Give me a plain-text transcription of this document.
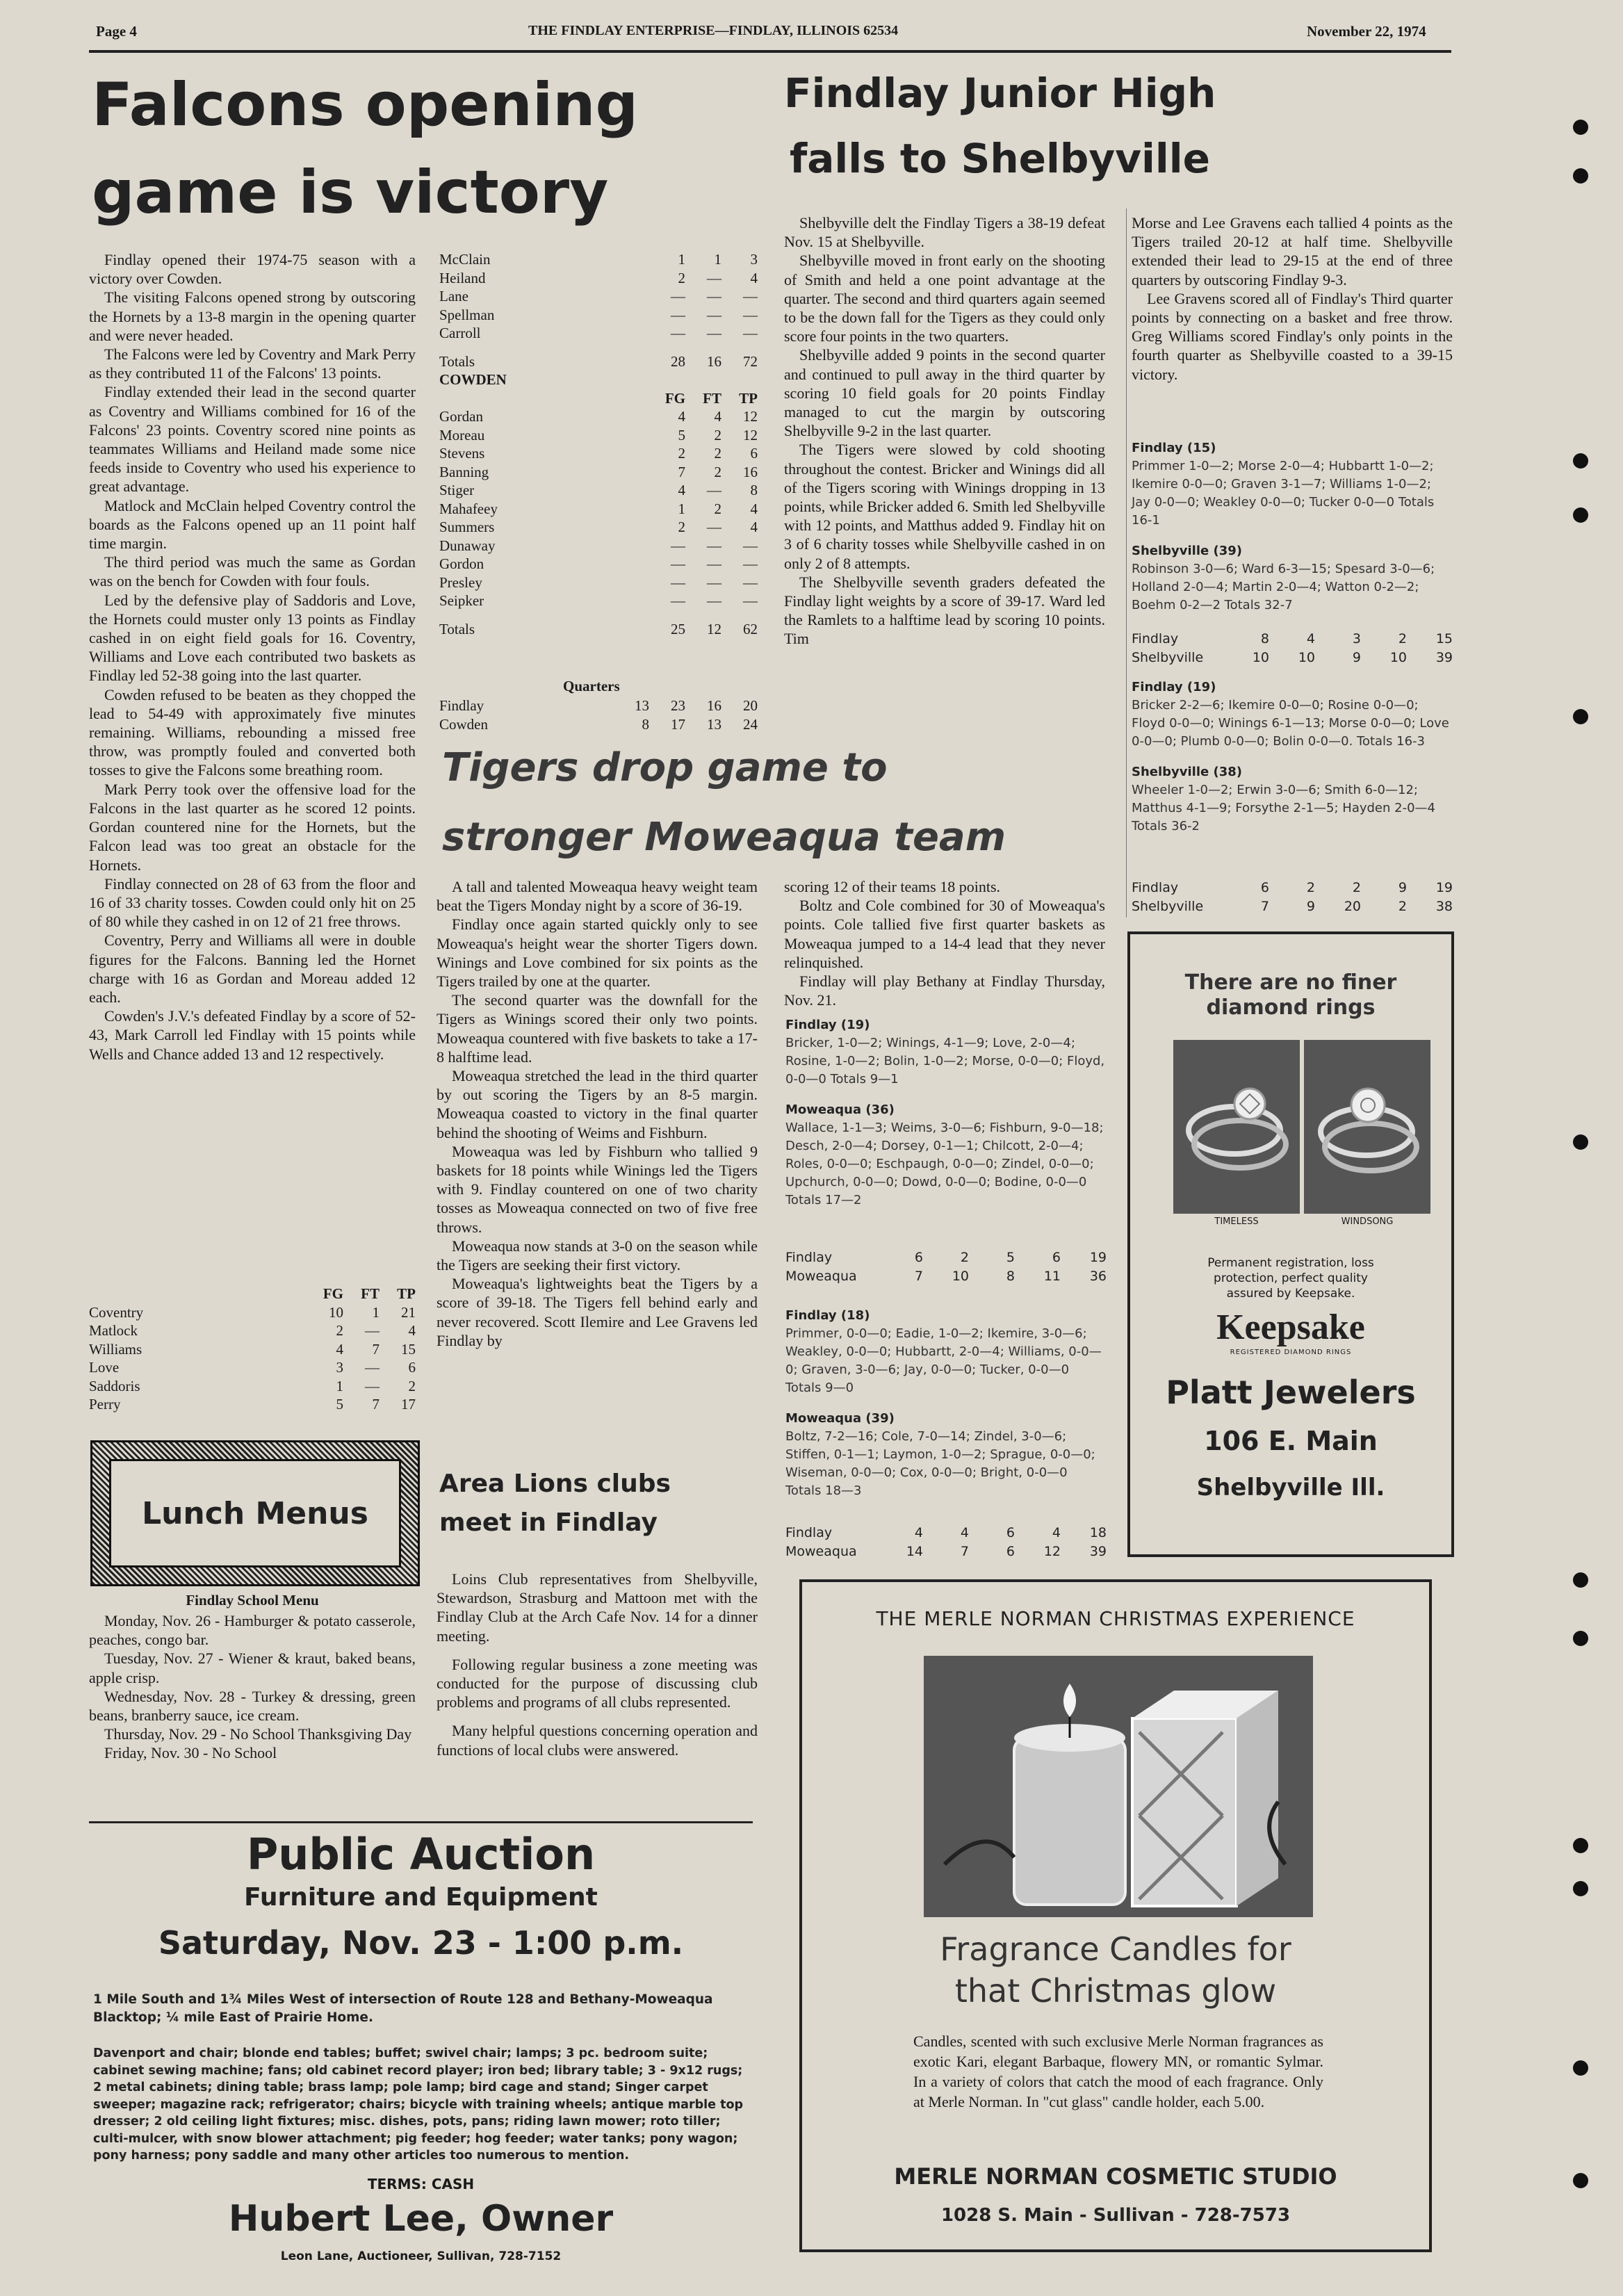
Page 4	THE FINDLAY ENTERPRISE—FINDLAY, ILLINOIS 62534	November 22, 1974
Falcons opening
game is victory

Findlay opened their 1974-75 season with a victory over Cowden.

The visiting Falcons opened strong by outscoring the Hornets by a 13-8 margin in the opening quarter and were never headed.

The Falcons were led by Coventry and Mark Perry as they contributed 11 of the Falcons' 13 points.

Findlay extended their lead in the second quarter as Coventry and Williams combined for 16 of the Falcons' 23 points. Coventry scored nine points as teammates Williams and Heiland made some nice feeds inside to Coventry who used his experience to great advantage.

Matlock and McClain helped Coventry control the boards as the Falcons opened up an 11 point half time margin.

The third period was much the same as Gordan was on the bench for Cowden with four fouls.

Led by the defensive play of Saddoris and Love, the Hornets could muster only 13 points as Findlay cashed in on eight field goals for 16. Coventry, Williams and Love each contributed two baskets as Findlay led 52-38 going into the last quarter.

Cowden refused to be beaten as they chopped the lead to 54-49 with approximately five minutes remaining. Williams, rebounding a missed free throw, was promptly fouled and converted both tosses to give the Falcons some breathing room.

Mark Perry took over the offensive load for the Falcons in the last quarter as he scored 12 points. Gordan countered nine for the Hornets, but the Falcon lead was too great an obstacle for the Hornets.

Findlay connected on 28 of 63 from the floor and 16 of 33 charity tosses. Cowden could only hit on 25 of 80 while they cashed in on 12 of 21 free throws.

Coventry, Perry and Williams all were in double figures for the Falcons. Banning led the Hornet charge with 16 as Gordan and Moreau added 12 each.

Cowden's J.V.'s defeated Findlay by a score of 52-43, Mark Carroll led Findlay with 15 points while Wells and Chance added 13 and 12 respectively.

	FG	FT	TP
Coventry	10	1	21
Matlock	2	—	4
Williams	4	7	15
Love	3	—	6
Saddoris	1	—	2
Perry	5	7	17
McClain	1	1	3
Heiland	2	—	4
Lane	—	—	—
Spellman	—	—	—
Carroll	—	—	—

Totals	28	16	72
COWDEN			
	FG	FT	TP
Gordan	4	4	12
Moreau	5	2	12
Stevens	2	2	6
Banning	7	2	16
Stiger	4	—	8
Mahafeey	1	2	4
Summers	2	—	4
Dunaway	—	—	—
Gordon	—	—	—
Presley	—	—	—
Seipker	—	—	—

Totals	25	12	62
Quarters
Findlay	13	23	16	20
Cowden	8	17	13	24
Tigers drop game to
stronger Moweaqua team

A tall and talented Moweaqua heavy weight team beat the Tigers Monday night by a score of 36-19.

Findlay once again started quickly only to see Moweaqua's height wear the shorter Tigers down. Winings and Love combined for six points as the Tigers trailed by one at the quarter.

The second quarter was the downfall for the Tigers as Winings scored their only two points. Moweaqua countered with five baskets to take a 17-8 halftime lead.

Moweaqua stretched the lead in the third quarter by out scoring the Tigers by an 8-5 margin. Moweaqua coasted to victory in the final quarter behind the shooting of Weims and Fishburn.

Moweaqua was led by Fishburn who tallied 9 baskets for 18 points while Winings led the Tigers with 9. Findlay countered on one of two charity tosses as Moweaqua connected on two of five free throws.

Moweaqua now stands at 3-0 on the season while the Tigers are seeking their first victory.

Moweaqua's lightweights beat the Tigers by a score of 39-18. The Tigers fell behind early and never recovered. Scott Ilemire and Lee Gravens led Findlay by

scoring 12 of their teams 18 points.

Boltz and Cole combined for 30 of Moweaqua's points. Cole tallied five first quarter baskets as Moweaqua jumped to a 14-4 lead that they never relinquished.

Findlay will play Bethany at Findlay Thursday, Nov. 21.

Findlay (19)
Bricker, 1-0—2; Winings, 4-1—9; Love, 2-0—4; Rosine, 1-0—2; Bolin, 1-0—2; Morse, 0-0—0; Floyd, 0-0—0 Totals 9—1
Moweaqua (36)
Wallace, 1-1—3; Weims, 3-0—6; Fishburn, 9-0—18; Desch, 2-0—4; Dorsey, 0-1—1; Chilcott, 2-0—4; Roles, 0-0—0; Eschpaugh, 0-0—0; Zindel, 0-0—0; Upchurch, 0-0—0; Dowd, 0-0—0; Bodine, 0-0—0 Totals 17—2
Findlay	6	2	5	6	19
Moweaqua	7	10	8	11	36
Findlay (18)
Primmer, 0-0—0; Eadie, 1-0—2; Ikemire, 3-0—6; Weakley, 0-0—0; Hubbartt, 2-0—4; Williams, 0-0—0; Graven, 3-0—6; Jay, 0-0—0; Tucker, 0-0—0 Totals 9—0
Moweaqua (39)
Boltz, 7-2—16; Cole, 7-0—14; Zindel, 3-0—6; Stiffen, 0-1—1; Laymon, 1-0—2; Sprague, 0-0—0; Wiseman, 0-0—0; Cox, 0-0—0; Bright, 0-0—0 Totals 18—3
Findlay	4	4	6	4	18
Moweaqua	14	7	6	12	39
Area Lions clubs
meet in Findlay

Loins Club representatives from Shelbyville, Stewardson, Strasburg and Mattoon met with the Findlay Club at the Arch Cafe Nov. 14 for a dinner meeting.

Following regular business a zone meeting was conducted for the purpose of discussing club problems and programs of all clubs represented.

Many helpful questions concerning operation and functions of local clubs were answered.

Lunch Menus
Findlay School Menu

Monday, Nov. 26 - Hamburger & potato casserole, peaches, congo bar.

Tuesday, Nov. 27 - Wiener & kraut, baked beans, apple crisp.

Wednesday, Nov. 28 - Turkey & dressing, green beans, branberry sauce, ice cream.

Thursday, Nov. 29 - No School Thanksgiving Day

Friday, Nov. 30 - No School

Public Auction
Furniture and Equipment
Saturday, Nov. 23 - 1:00 p.m.
1 Mile South and 1¾ Miles West of intersection of Route 128 and Bethany-Moweaqua Blacktop; ¼ mile East of Prairie Home.
Davenport and chair; blonde end tables; buffet; swivel chair; lamps; 3 pc. bedroom suite; cabinet sewing machine; fans; old cabinet record player; iron bed; library table; 3 - 9x12 rugs; 2 metal cabinets; dining table; brass lamp; pole lamp; bird cage and stand; Singer carpet sweeper; magazine rack; refrigerator; chairs; bicycle with training wheels; antique marble top dresser; 2 old ceiling light fixtures; misc. dishes, pots, pans; riding lawn mower; roto tiller; culti-mulcer, with snow blower attachment; pig feeder; hog feeder; water tanks; pony wagon; pony harness; pony saddle and many other articles too numerous to mention.
TERMS: CASH
Hubert Lee, Owner
Leon Lane, Auctioneer, Sullivan, 728-7152
Findlay Junior High
falls to Shelbyville

Shelbyville delt the Findlay Tigers a 38-19 defeat Nov. 15 at Shelbyville.

Shelbyville moved in front early on the shooting of Smith and held a one point advantage at the quarter. The second and third quarters again seemed to be the down fall for the Tigers as they could only score four points in the two quarters.

Shelbyville added 9 points in the second quarter and continued to pull away in the third quarter by scoring 10 field goals for 20 points Findlay managed to cut the margin by outscoring Shelbyville 9-2 in the last quarter.

The Tigers were slowed by cold shooting throughout the contest. Bricker and Winings did all of the Tigers scoring with Winings dropping in 13 points, while Bricker added 6. Smith led Shelbyville with 12 points, and Matthus added 9. Findlay hit on 3 of 6 charity tosses while Shelbyville cashed in on only 2 of 8 attempts.

The Shelbyville seventh graders defeated the Findlay light weights by a score of 39-17. Ward led the Ramlets to a halftime lead by scoring 10 points. Tim

Morse and Lee Gravens each tallied 4 points as the Tigers trailed 20-12 at half time. Shelbyville extended their lead to 29-15 at the end of three quarters by outscoring Findlay 9-3.

Lee Gravens scored all of Findlay's Third quarter points by connecting on a basket and free throw. Greg Williams scored Findlay's only points in the fourth quarter as Shelbyville coasted to a 39-15 victory.

Findlay (15)
Primmer 1-0—2; Morse 2-0—4; Hubbartt 1-0—2; Ikemire 0-0—0; Graven 3-1—7; Williams 1-0—2; Jay 0-0—0; Weakley 0-0—0; Tucker 0-0—0 Totals 16-1
Shelbyville (39)
Robinson 3-0—6; Ward 6-3—15; Spesard 3-0—6; Holland 2-0—4; Martin 2-0—4; Watton 0-2—2; Boehm 0-2—2 Totals 32-7
Findlay	8	4	3	2	15
Shelbyville	10	10	9	10	39
Findlay (19)
Bricker 2-2—6; Ikemire 0-0—0; Rosine 0-0—0; Floyd 0-0—0; Winings 6-1—13; Morse 0-0—0; Love 0-0—0; Plumb 0-0—0; Bolin 0-0—0. Totals 16-3
Shelbyville (38)
Wheeler 1-0—2; Erwin 3-0—6; Smith 6-0—12; Matthus 4-1—9; Forsythe 2-1—5; Hayden 2-0—4 Totals 36-2
Findlay	6	2	2	9	19
Shelbyville	7	9	20	2	38
There are no finer
diamond rings
TIMELESS	WINDSONG
Permanent registration, loss protection, perfect quality assured by Keepsake.
Keepsake
REGISTERED DIAMOND RINGS
Platt Jewelers
106 E. Main
Shelbyville Ill.
THE MERLE NORMAN CHRISTMAS EXPERIENCE
Fragrance Candles for
that Christmas glow
Candles, scented with such exclusive Merle Norman fragrances as exotic Kari, elegant Barbaque, flowery MN, or romantic Sylmar. In a variety of colors that catch the mood of each fragrance. Only at Merle Norman. In "cut glass" candle holder, each 5.00.
MERLE NORMAN COSMETIC STUDIO
1028 S. Main - Sullivan - 728-7573
